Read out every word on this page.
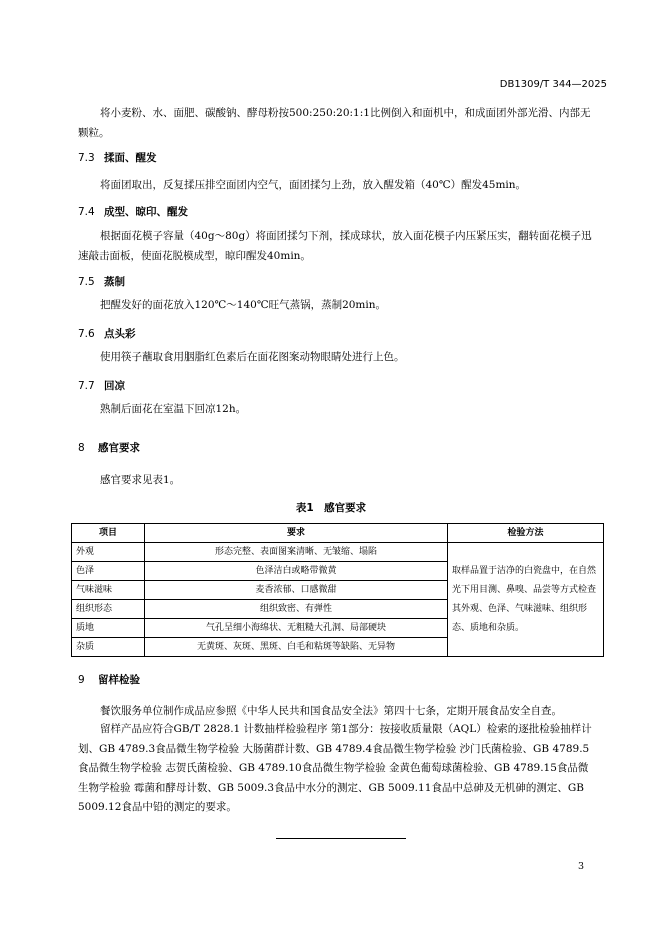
DB1309/T 344—2025
将小麦粉、水、面肥、碳酸钠、酵母粉按500:250:20:1:1比例倒入和面机中，和成面团外部光滑、内部无颗粒。
7.3 揉面、醒发
将面团取出，反复揉压排空面团内空气，面团揉匀上劲，放入醒发箱（40℃）醒发45min。
7.4 成型、晾印、醒发
根据面花模子容量（40g～80g）将面团揉匀下剂，揉成球状，放入面花模子内压紧压实，翻转面花模子迅速敲击面板，使面花脱模成型，晾印醒发40min。
7.5 蒸制
把醒发好的面花放入120℃～140℃旺气蒸锅，蒸制20min。
7.6 点头彩
使用筷子蘸取食用胭脂红色素后在面花图案动物眼睛处进行上色。
7.7 回凉
熟制后面花在室温下回凉12h。
8 感官要求
感官要求见表1。
表1　感官要求
项目	要求	检验方法
外观	形态完整、表面图案清晰、无皱缩、塌陷	取样品置于洁净的白瓷盘中，在自然光下用目测、鼻嗅、品尝等方式检查其外观、色泽、气味滋味、组织形态、质地和杂质。
色泽	色泽洁白或略带微黄	
气味滋味	麦香浓郁、口感微甜	
组织形态	组织致密、有弹性	
质地	气孔呈细小海绵状、无粗糙大孔洞、局部硬块	
杂质	无黄斑、灰斑、黑斑、白毛和粘斑等缺陷、无异物	
9 留样检验
餐饮服务单位制作成品应参照《中华人民共和国食品安全法》第四十七条，定期开展食品安全自查。
留样产品应符合GB/T 2828.1 计数抽样检验程序 第1部分：按接收质量限（AQL）检索的逐批检验抽样计划、GB 4789.3食品微生物学检验 大肠菌群计数、GB 4789.4食品微生物学检验 沙门氏菌检验、GB 4789.5食品微生物学检验 志贺氏菌检验、GB 4789.10食品微生物学检验 金黄色葡萄球菌检验、GB 4789.15食品微生物学检验 霉菌和酵母计数、GB 5009.3食品中水分的测定、GB 5009.11食品中总砷及无机砷的测定、GB 5009.12食品中铅的测定的要求。
3
